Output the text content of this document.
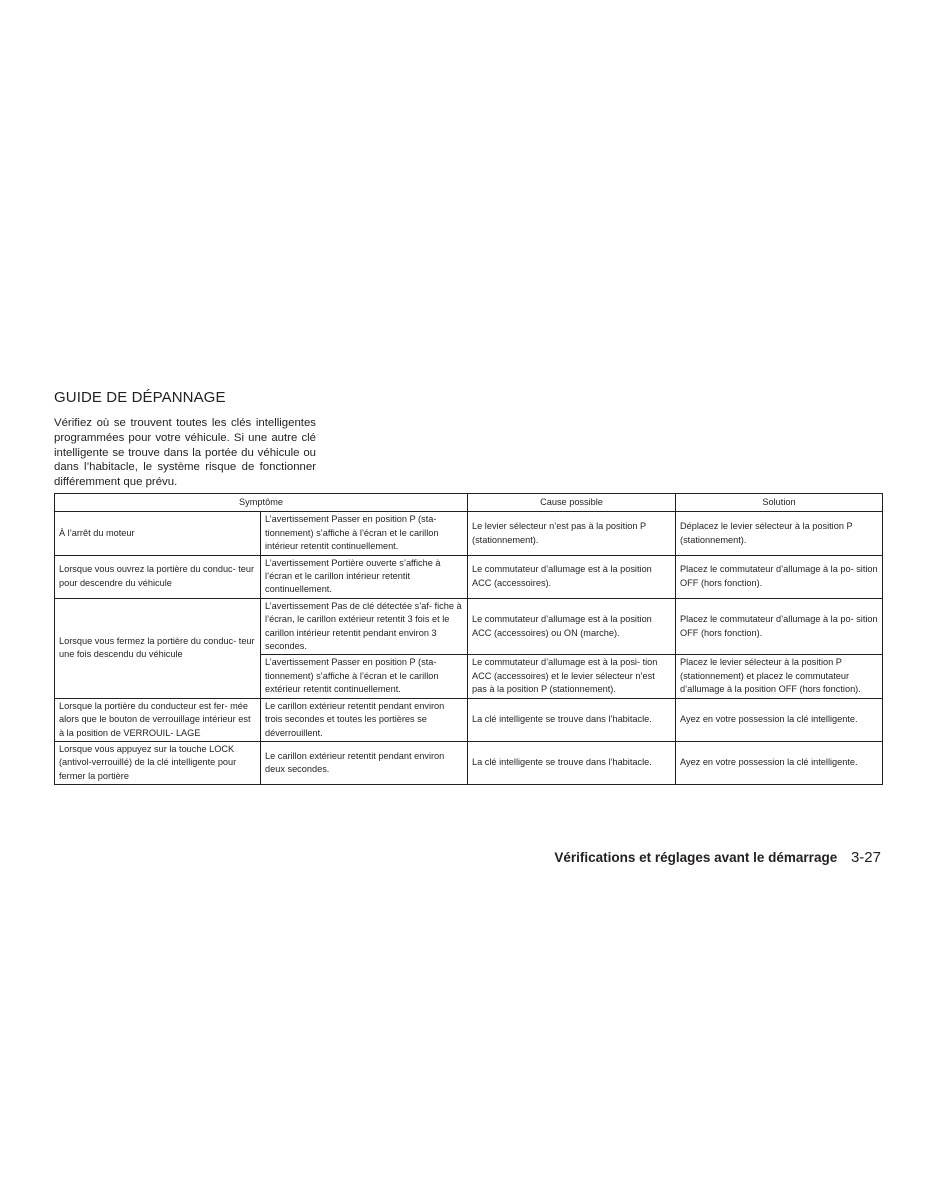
GUIDE DE DÉPANNAGE
Vérifiez où se trouvent toutes les clés intelligentes programmées pour votre véhicule. Si une autre clé intelligente se trouve dans la portée du véhicule ou dans l’habitacle, le système risque de fonctionner différemment que prévu.
Symptôme		Cause possible	Solution
À l’arrêt du moteur	L’avertissement Passer en position P (sta- tionnement) s’affiche à l’écran et le carillon intérieur retentit continuellement.	Le levier sélecteur n’est pas à la position P (stationnement).	Déplacez le levier sélecteur à la position P (stationnement).
Lorsque vous ouvrez la portière du conduc- teur pour descendre du véhicule	L’avertissement Portière ouverte s’affiche à l’écran et le carillon intérieur retentit continuellement.	Le commutateur d’allumage est à la position ACC (accessoires).	Placez le commutateur d’allumage à la po- sition OFF (hors fonction).
Lorsque vous fermez la portière du conduc- teur une fois descendu du véhicule	L’avertissement Pas de clé détectée s’af- fiche à l’écran, le carillon extérieur retentit 3 fois et le carillon intérieur retentit pendant environ 3 secondes.	Le commutateur d’allumage est à la position ACC (accessoires) ou ON (marche).	Placez le commutateur d’allumage à la po- sition OFF (hors fonction).
	L’avertissement Passer en position P (sta- tionnement) s’affiche à l’écran et le carillon extérieur retentit continuellement.	Le commutateur d’allumage est à la posi- tion ACC (accessoires) et le levier sélecteur n’est pas à la position P (stationnement).	Placez le levier sélecteur à la position P (stationnement) et placez le commutateur d’allumage à la position OFF (hors fonction).
Lorsque la portière du conducteur est fer- mée alors que le bouton de verrouillage intérieur est à la position de VERROUIL- LAGE	Le carillon extérieur retentit pendant environ trois secondes et toutes les portières se déverrouillent.	La clé intelligente se trouve dans l’habitacle.	Ayez en votre possession la clé intelligente.
Lorsque vous appuyez sur la touche LOCK (antivol-verrouillé) de la clé intelligente pour fermer la portière	Le carillon extérieur retentit pendant environ deux secondes.	La clé intelligente se trouve dans l’habitacle.	Ayez en votre possession la clé intelligente.
Vérifications et réglages avant le démarrage 3-27
